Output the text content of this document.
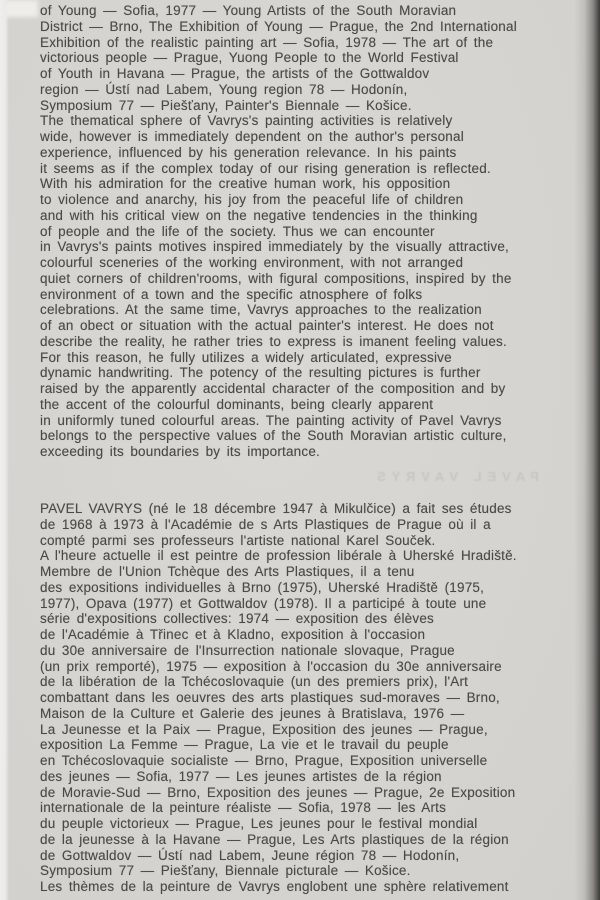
of Young — Sofia, 1977 — Young Artists of the South Moravian
District — Brno, The Exhibition of Young — Prague, the 2nd International
Exhibition of the realistic painting art — Sofia, 1978 — The art of the
victorious people — Prague, Yuong People to the World Festival
of Youth in Havana — Prague, the artists of the Gottwaldov
region — Ústí nad Labem, Young region 78 — Hodonín,
Symposium 77 — Piešťany, Painter's Biennale — Košice.
The thematical sphere of Vavrys's painting activities is relatively
wide, however is immediately dependent on the author's personal
experience, influenced by his generation relevance. In his paints
it seems as if the complex today of our rising generation is reflected.
With his admiration for the creative human work, his opposition
to violence and anarchy, his joy from the peaceful life of children
and with his critical view on the negative tendencies in the thinking
of people and the life of the society. Thus we can encounter
in Vavrys's paints motives inspired immediately by the visually attractive,
colourful sceneries of the working environment, with not arranged
quiet corners of children'rooms, with figural compositions, inspired by the
environment of a town and the specific atnosphere of folks
celebrations. At the same time, Vavrys approaches to the realization
of an obect or situation with the actual painter's interest. He does not
describe the reality, he rather tries to express is imanent feeling values.
For this reason, he fully utilizes a widely articulated, expressive
dynamic handwriting. The potency of the resulting pictures is further
raised by the apparently accidental character of the composition and by
the accent of the colourful dominants, being clearly apparent
in uniformly tuned colourful areas. The painting activity of Pavel Vavrys
belongs to the perspective values of the South Moravian artistic culture,
exceeding its boundaries by its importance.
PAVEL VAVRYS
PAVEL VAVRYS (né le 18 décembre 1947 à Mikulčice) a fait ses études
de 1968 à 1973 à l'Académie de s Arts Plastiques de Prague où il a
compté parmi ses professeurs l'artiste national Karel Souček.
A l'heure actuelle il est peintre de profession libérale à Uherské Hradiště.
Membre de l'Union Tchèque des Arts Plastiques, il a tenu
des expositions individuelles à Brno (1975), Uherské Hradiště (1975,
1977), Opava (1977) et Gottwaldov (1978). Il a participé à toute une
série d'expositions collectives: 1974 — exposition des élèves
de l'Académie à Třinec et à Kladno, exposition à l'occasion
du 30e anniversaire de l'Insurrection nationale slovaque, Prague
(un prix remporté), 1975 — exposition à l'occasion du 30e anniversaire
de la libération de la Tchécoslovaquie (un des premiers prix), l'Art
combattant dans les oeuvres des arts plastiques sud-moraves — Brno,
Maison de la Culture et Galerie des jeunes à Bratislava, 1976 —
La Jeunesse et la Paix — Prague, Exposition des jeunes — Prague,
exposition La Femme — Prague, La vie et le travail du peuple
en Tchécoslovaquie socialiste — Brno, Prague, Exposition universelle
des jeunes — Sofia, 1977 — Les jeunes artistes de la région
de Moravie-Sud — Brno, Exposition des jeunes — Prague, 2e Exposition
internationale de la peinture réaliste — Sofia, 1978 — les Arts
du peuple victorieux — Prague, Les jeunes pour le festival mondial
de la jeunesse à la Havane — Prague, Les Arts plastiques de la région
de Gottwaldov — Ústí nad Labem, Jeune région 78 — Hodonín,
Symposium 77 — Piešťany, Biennale picturale — Košice.
Les thèmes de la peinture de Vavrys englobent une sphère relativement
